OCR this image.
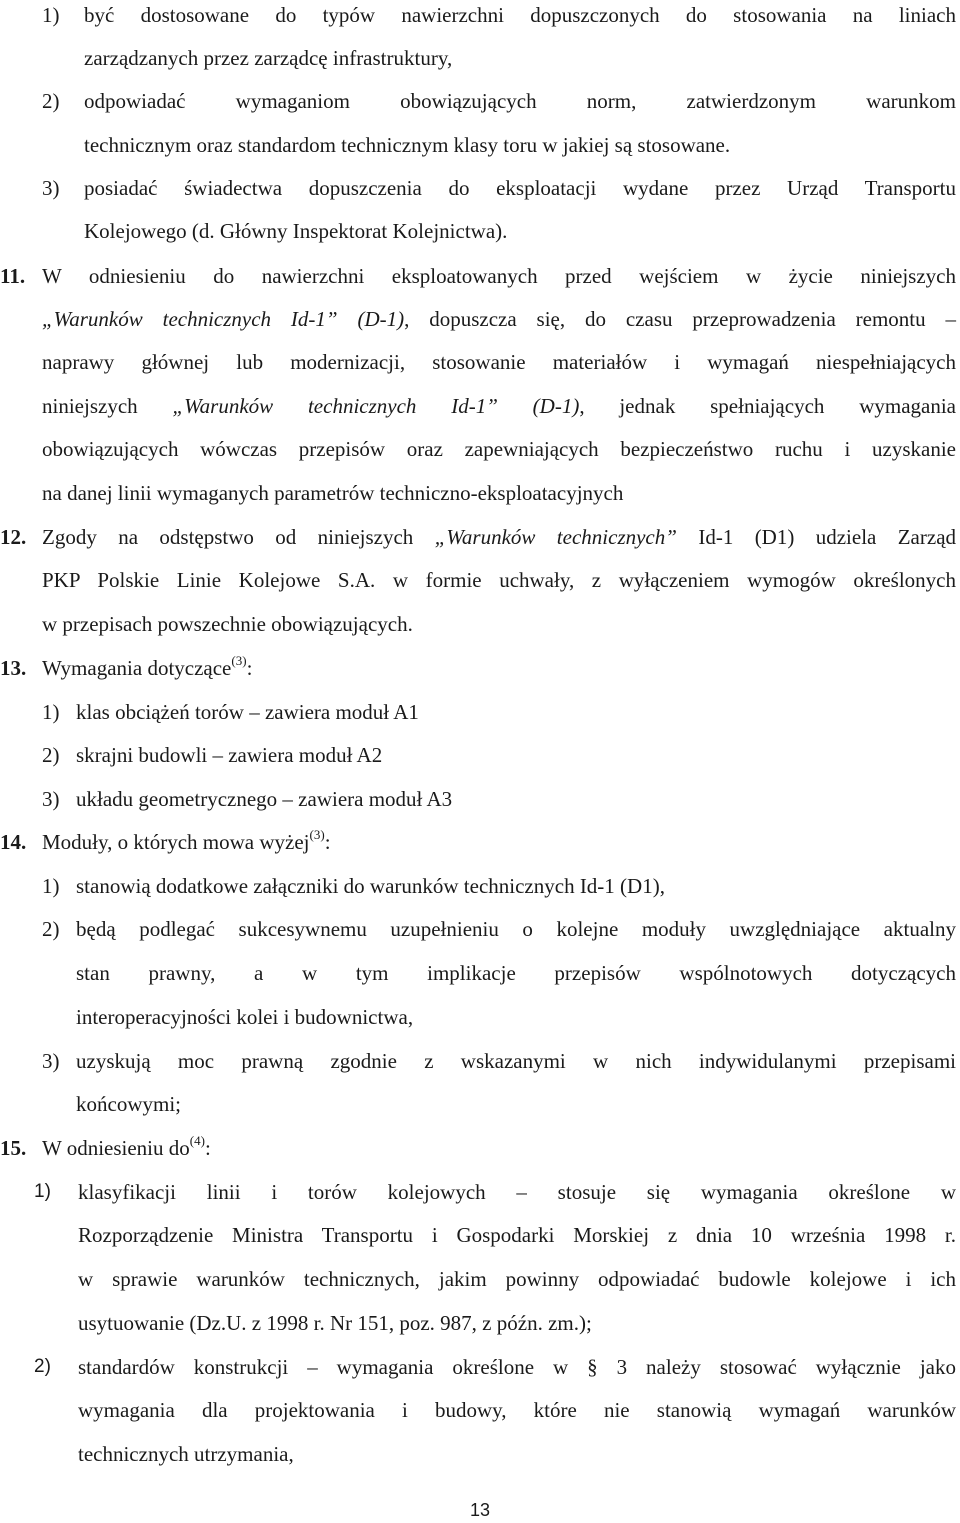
1) być dostosowane do typów nawierzchni dopuszczonych do stosowania na liniach
zarządzanych przez zarządcę infrastruktury,
2) odpowiadać wymaganiom obowiązujących norm, zatwierdzonym warunkom
technicznym oraz standardom technicznym klasy toru w jakiej są stosowane.
3) posiadać świadectwa dopuszczenia do eksploatacji wydane przez Urząd Transportu
Kolejowego (d. Główny Inspektorat Kolejnictwa).
11. W odniesieniu do nawierzchni eksploatowanych przed wejściem w życie niniejszych
„Warunków technicznych Id-1” (D-1), dopuszcza się, do czasu przeprowadzenia remontu –
naprawy głównej lub modernizacji, stosowanie materiałów i wymagań niespełniających
niniejszych „Warunków technicznych Id-1” (D-1), jednak spełniających wymagania
obowiązujących wówczas przepisów oraz zapewniających bezpieczeństwo ruchu i uzyskanie
na danej linii wymaganych parametrów techniczno-eksploatacyjnych
12. Zgody na odstępstwo od niniejszych „Warunków technicznych” Id-1 (D1) udziela Zarząd
PKP Polskie Linie Kolejowe S.A. w formie uchwały, z wyłączeniem wymogów określonych
w przepisach powszechnie obowiązujących.
13. Wymagania dotyczące$^{(3)}$:
1) klas obciążeń torów – zawiera moduł A1
2) skrajni budowli – zawiera moduł A2
3) układu geometrycznego – zawiera moduł A3
14. Moduły, o których mowa wyżej$^{(3)}$:
1) stanowią dodatkowe załączniki do warunków technicznych Id-1 (D1),
2) będą podlegać sukcesywnemu uzupełnieniu o kolejne moduły uwzględniające aktualny
stan prawny, a w tym implikacje przepisów wspólnotowych dotyczących
interoperacyjności kolei i budownictwa,
3) uzyskują moc prawną zgodnie z wskazanymi w nich indywidulanymi przepisami
końcowymi;
15. W odniesieniu $do^{(4)}$:
1) klasyfikacji linii i torów kolejowych – stosuje się wymagania określone w
Rozporządzenie Ministra Transportu i Gospodarki Morskiej z dnia 10 września 1998 r.
w sprawie warunków technicznych, jakim powinny odpowiadać budowle kolejowe i ich
usytuowanie (Dz.U. z 1998 r. Nr 151, poz. 987, z późn. zm.);
2) standardów konstrukcji – wymagania określone w § 3 należy stosować wyłącznie jako
wymagania dla projektowania i budowy, które nie stanowią wymagań warunków
technicznych utrzymania,
13
